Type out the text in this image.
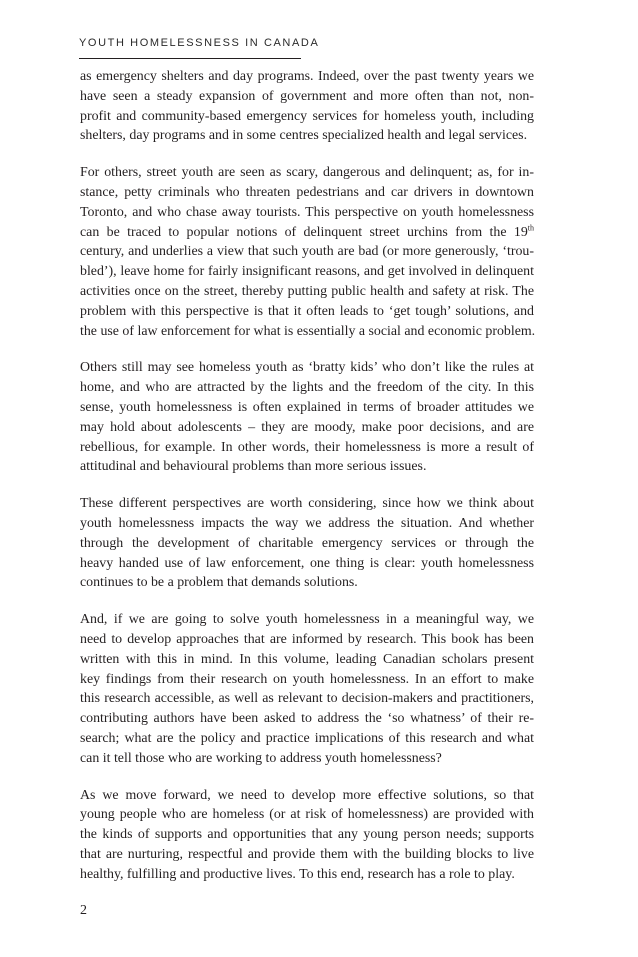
YOUTH HOMELESSNESS IN CANADA

as emergency shelters and day programs. Indeed, over the past twenty years we
have seen a steady expansion of government and more often than not, non-
profit and community-based emergency services for homeless youth, including
shelters, day programs and in some centres specialized health and legal services.

For others, street youth are seen as scary, dangerous and delinquent; as, for in-
stance, petty criminals who threaten pedestrians and car drivers in downtown
Toronto, and who chase away tourists. This perspective on youth homelessness
can be traced to popular notions of delinquent street urchins from the 19th
century, and underlies a view that such youth are bad (or more generously, ‘trou-
bled’), leave home for fairly insignificant reasons, and get involved in delinquent
activities once on the street, thereby putting public health and safety at risk. The
problem with this perspective is that it often leads to ‘get tough’ solutions, and
the use of law enforcement for what is essentially a social and economic problem.

Others still may see homeless youth as ‘bratty kids’ who don’t like the rules at
home, and who are attracted by the lights and the freedom of the city. In this
sense, youth homelessness is often explained in terms of broader attitudes we
may hold about adolescents – they are moody, make poor decisions, and are
rebellious, for example. In other words, their homelessness is more a result of
attitudinal and behavioural problems than more serious issues.

These different perspectives are worth considering, since how we think about
youth homelessness impacts the way we address the situation. And whether
through the development of charitable emergency services or through the
heavy handed use of law enforcement, one thing is clear: youth homelessness
continues to be a problem that demands solutions.

And, if we are going to solve youth homelessness in a meaningful way, we
need to develop approaches that are informed by research. This book has been
written with this in mind. In this volume, leading Canadian scholars present
key findings from their research on youth homelessness. In an effort to make
this research accessible, as well as relevant to decision-makers and practitioners,
contributing authors have been asked to address the ‘so whatness’ of their re-
search; what are the policy and practice implications of this research and what
can it tell those who are working to address youth homelessness?

As we move forward, we need to develop more effective solutions, so that
young people who are homeless (or at risk of homelessness) are provided with
the kinds of supports and opportunities that any young person needs; supports
that are nurturing, respectful and provide them with the building blocks to live
healthy, fulfilling and productive lives. To this end, research has a role to play.

2
